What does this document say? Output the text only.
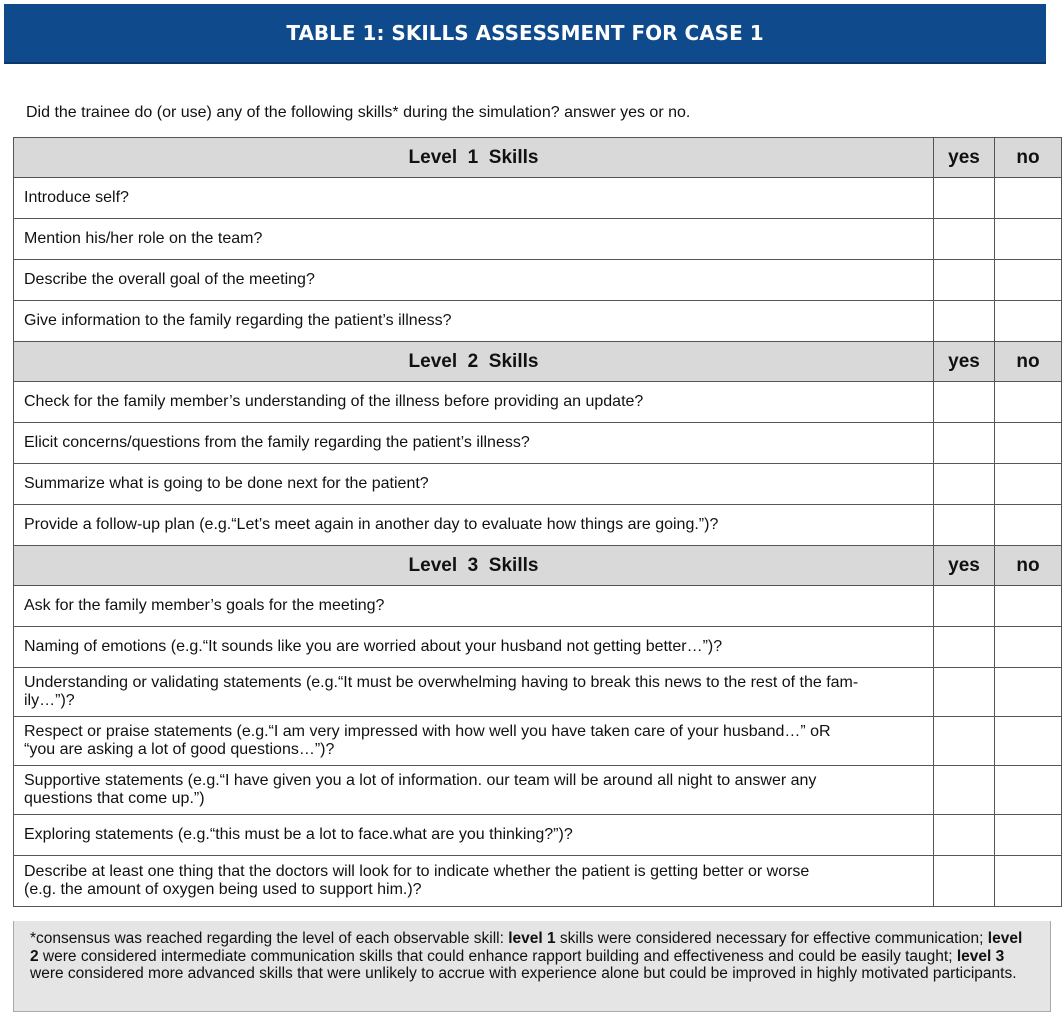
TABLE 1: SKILLS ASSESSMENT FOR CASE 1
Did the trainee do (or use) any of the following skills* during the simulation? answer yes or no.
Level  1  Skills	yes	no
Introduce self?		
Mention his/her role on the team?		
Describe the overall goal of the meeting?		
Give information to the family regarding the patient’s illness?		
Level  2  Skills	yes	no
Check for the family member’s understanding of the illness before providing an update?		
Elicit concerns/questions from the family regarding the patient’s illness?		
Summarize what is going to be done next for the patient?		
Provide a follow-up plan (e.g.“Let’s meet again in another day to evaluate how things are going.”)?		
Level  3  Skills	yes	no
Ask for the family member’s goals for the meeting?		
Naming of emotions (e.g.“It sounds like you are worried about your husband not getting better…”)?		
Understanding or validating statements (e.g.“It must be overwhelming having to break this news to the rest of the fam-
ily…”)?		
Respect or praise statements (e.g.“I am very impressed with how well you have taken care of your husband…” oR
“you are asking a lot of good questions…”)?		
Supportive statements (e.g.“I have given you a lot of information. our team will be around all night to answer any
questions that come up.”)		
Exploring statements (e.g.“this must be a lot to face.what are you thinking?”)?		
Describe at least one thing that the doctors will look for to indicate whether the patient is getting better or worse
(e.g. the amount of oxygen being used to support him.)?		
*consensus was reached regarding the level of each observable skill: level 1 skills were considered necessary for effective communication; level 2 were considered intermediate communication skills that could enhance rapport building and effectiveness and could be easily taught; level 3 were considered more advanced skills that were unlikely to accrue with experience alone but could be improved in highly motivated participants.
